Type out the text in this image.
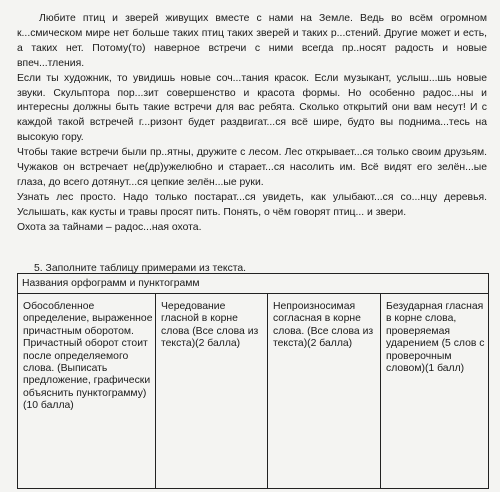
Любите птиц и зверей живущих вместе с нами на Земле. Ведь во всём огромном к...смическом мире нет больше таких птиц таких зверей и таких р...стений. Другие может и есть, а таких нет. Потому(то) наверное встречи с ними всегда пр..носят радость и новые впеч...тления.

Если ты художник, то увидишь новые соч...тания красок. Если музыкант, услыш...шь новые звуки. Скульптора пор...зит совершенство и красота формы. Но особенно радос...ны и интересны должны быть такие встречи для вас ребята. Сколько открытий они вам несут! И с каждой такой встречей г...ризонт будет раздвигат...ся всё шире, будто вы поднима...тесь на высокую гору.

Чтобы такие встречи были пр..ятны, дружите с лесом. Лес открывает...ся только своим друзьям. Чужаков он встречает не(др)ужелюбно и старает...ся насолить им. Всё видят его зелён...ые глаза, до всего дотянут...ся цепкие зелён...ые руки.

Узнать лес просто. Надо только постарат...ся увидеть, как улыбают...ся со...нцу деревья. Услышать, как кусты и травы просят пить. Понять, о чём говорят птиц... и звери.

Охота за тайнами – радос...ная охота.

5. Заполните таблицу примерами из текста.
Названия орфограмм и пунктограмм
Обособленное определение, выраженное причастным оборотом. Причастный оборот стоит после определяемого слова. (Выписать предложение, графически объяснить пунктограмму)(10 балла)
Чередование гласной в корне слова (Все слова из текста)(2 балла)
Непроизносимая согласная в корне слова. (Все слова из текста)(2 балла)
Безударная гласная в корне слова, проверяемая ударением (5 слов с проверочным словом)(1 балл)
